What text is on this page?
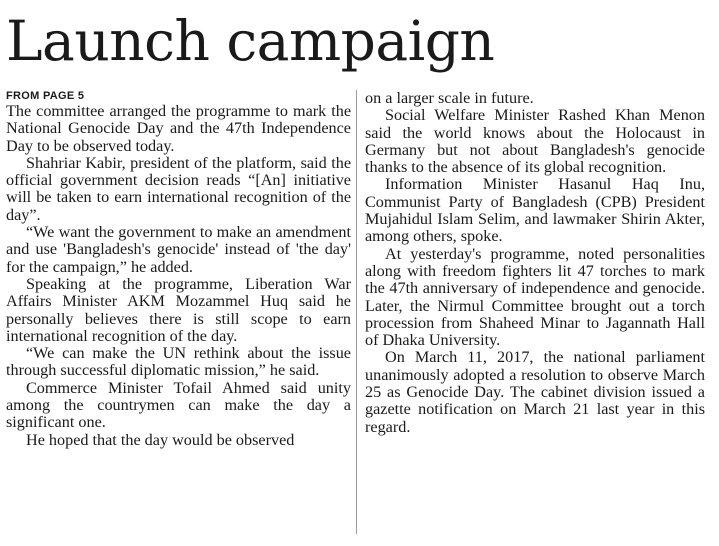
Launch campaign
FROM PAGE 5

The committee arranged the programme to mark the National Genocide Day and the 47th Independence Day to be observed today.

Shahriar Kabir, president of the platform, said the official government decision reads “[An] initiative will be taken to earn international recognition of the day”.

“We want the government to make an amendment and use 'Bangladesh's genocide' instead of 'the day' for the campaign,” he added.

Speaking at the programme, Liberation War Affairs Minister AKM Mozammel Huq said he personally believes there is still scope to earn international recognition of the day.

“We can make the UN rethink about the issue through successful diplomatic mission,” he said.

Commerce Minister Tofail Ahmed said unity among the countrymen can make the day a significant one.

He hoped that the day would be observed

on a larger scale in future.

Social Welfare Minister Rashed Khan Menon said the world knows about the Holocaust in Germany but not about Bangladesh's genocide thanks to the absence of its global recognition.

Information Minister Hasanul Haq Inu, Communist Party of Bangladesh (CPB) President Mujahidul Islam Selim, and lawmaker Shirin Akter, among others, spoke.

At yesterday's programme, noted personalities along with freedom fighters lit 47 torches to mark the 47th anniversary of independence and genocide. Later, the Nirmul Committee brought out a torch procession from Shaheed Minar to Jagannath Hall of Dhaka University.

On March 11, 2017, the national parliament unanimously adopted a resolution to observe March 25 as Genocide Day. The cabinet division issued a gazette notification on March 21 last year in this regard.
